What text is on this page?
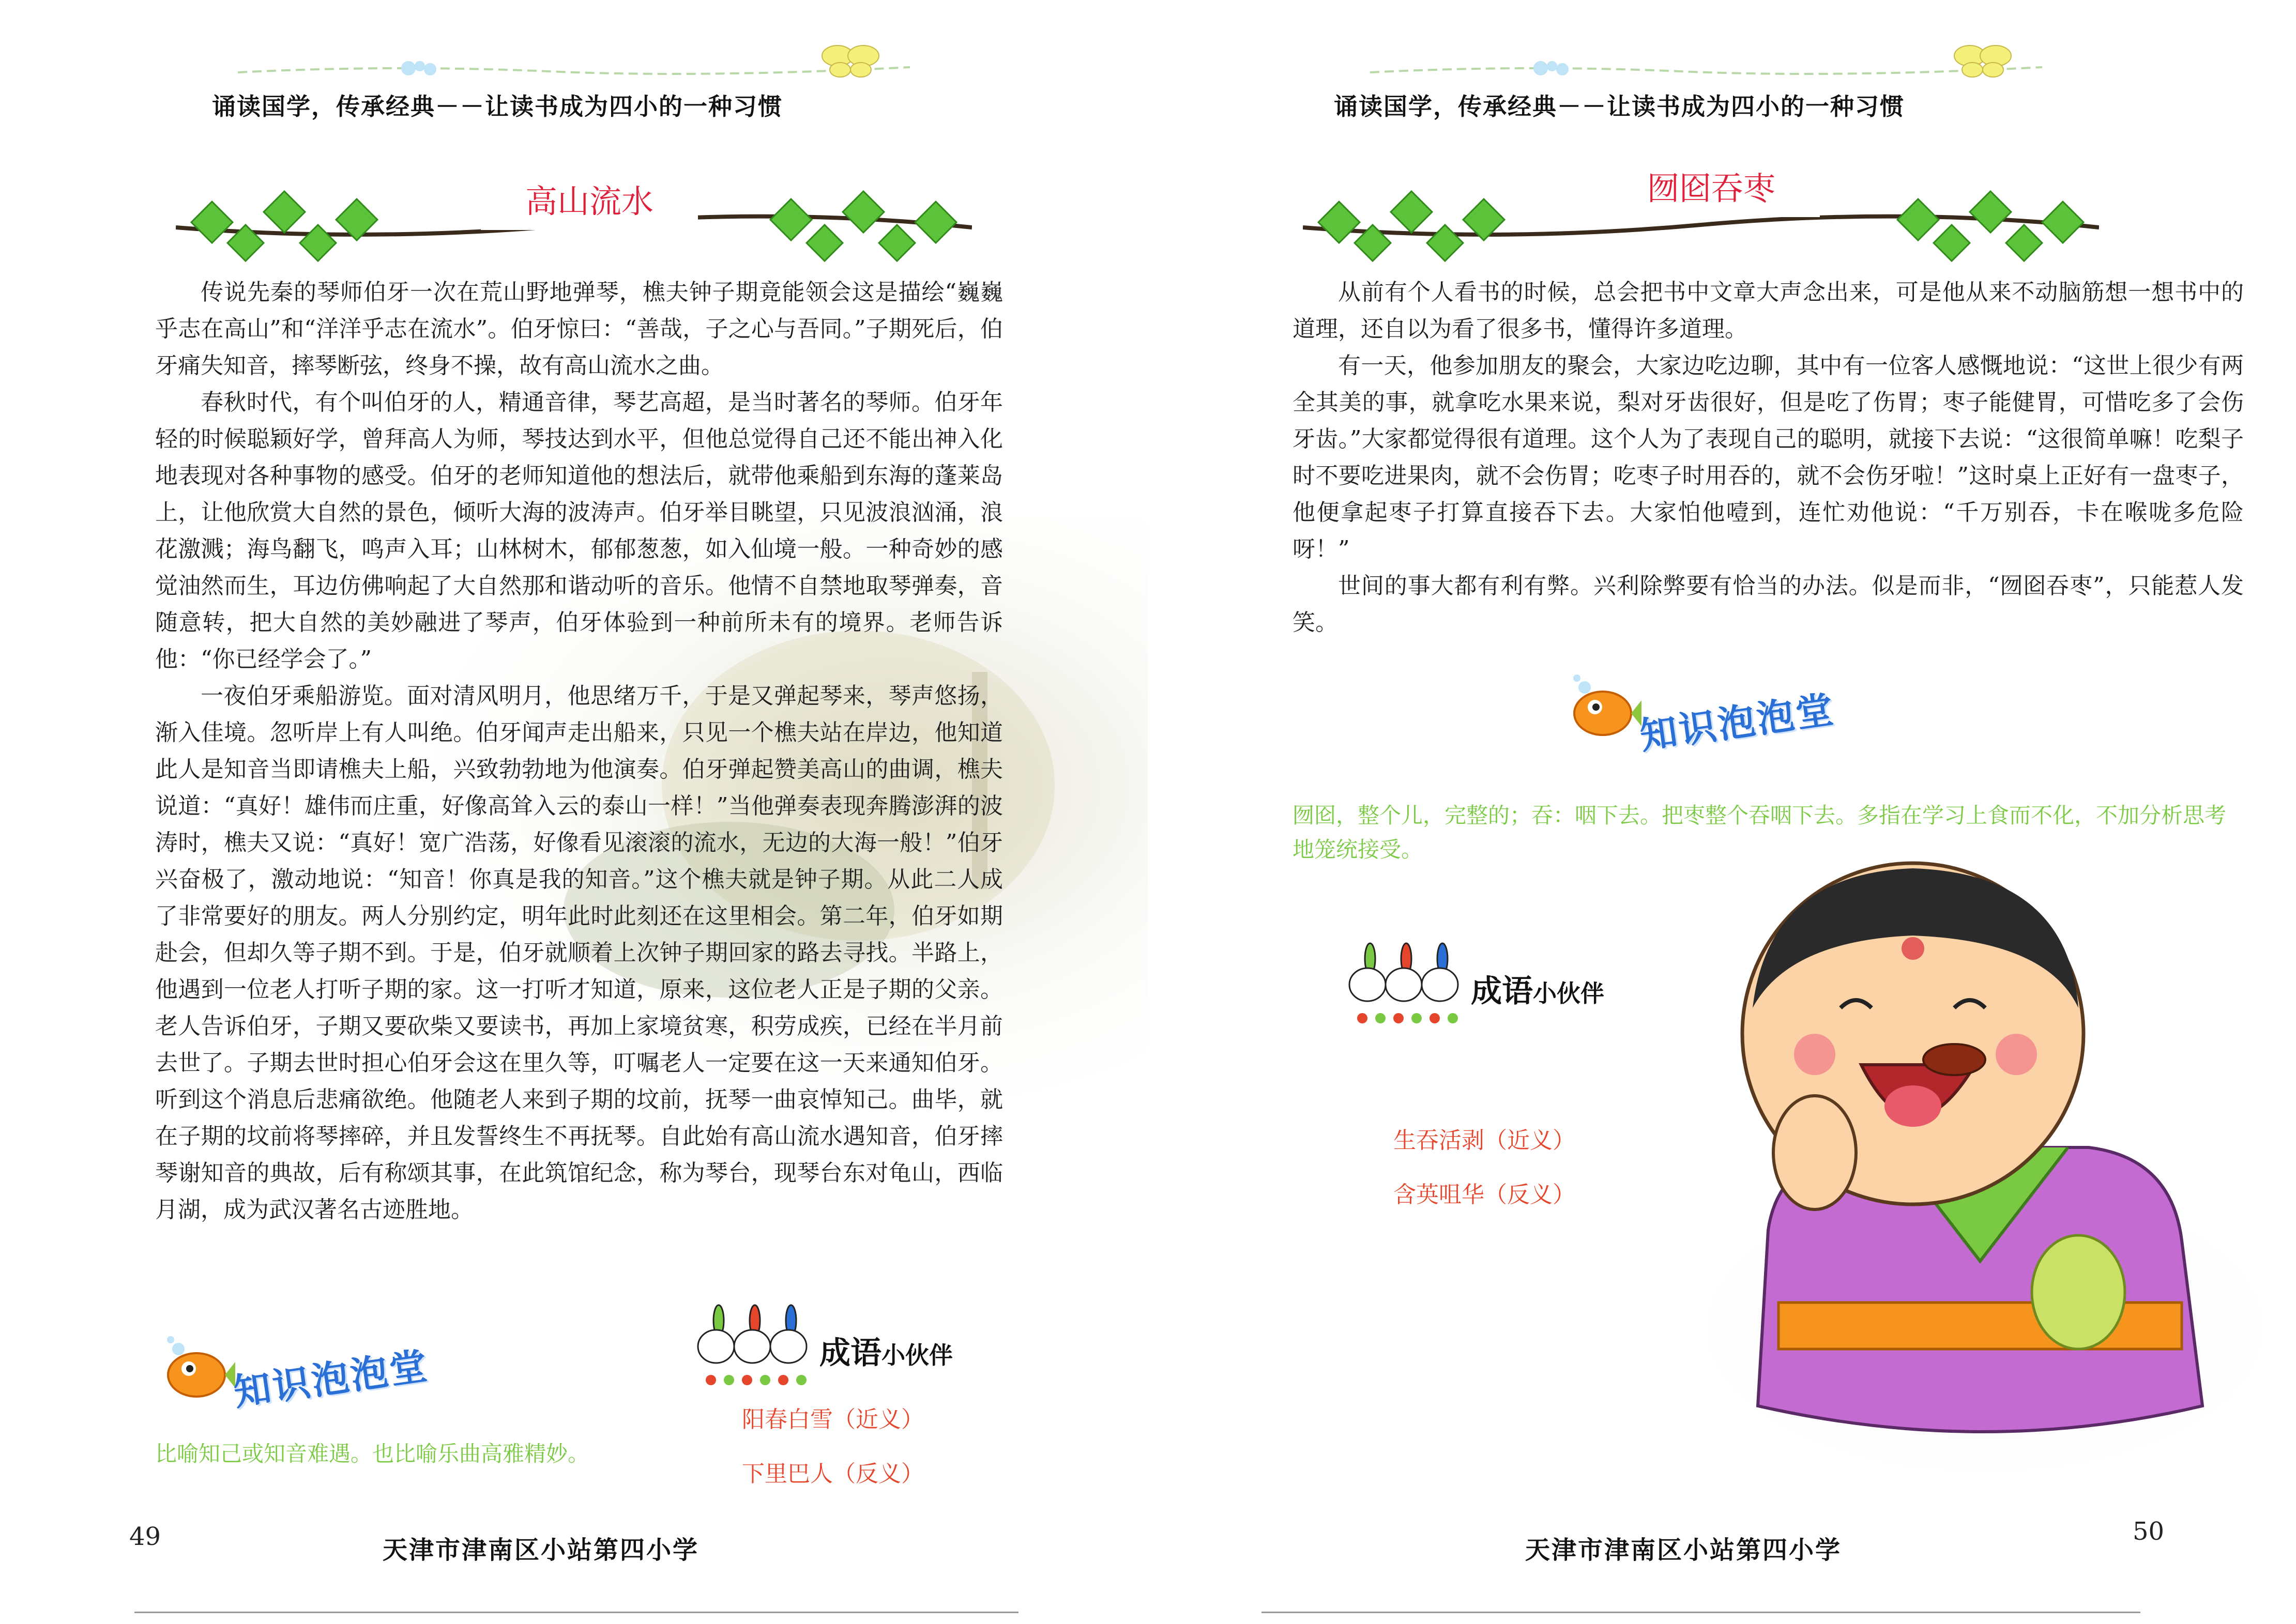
诵读国学，传承经典－－让读书成为四小的一种习惯
高山流水

传说先秦的琴师伯牙一次在荒山野地弹琴，樵夫钟子期竟能领会这是描绘“巍巍乎志在高山”和“洋洋乎志在流水”。伯牙惊曰：“善哉，子之心与吾同。”子期死后，伯牙痛失知音，摔琴断弦，终身不操，故有高山流水之曲。

春秋时代，有个叫伯牙的人，精通音律，琴艺高超，是当时著名的琴师。伯牙年轻的时候聪颖好学，曾拜高人为师，琴技达到水平，但他总觉得自己还不能出神入化地表现对各种事物的感受。伯牙的老师知道他的想法后，就带他乘船到东海的蓬莱岛上，让他欣赏大自然的景色，倾听大海的波涛声。伯牙举目眺望，只见波浪汹涌，浪花激溅；海鸟翻飞，鸣声入耳；山林树木，郁郁葱葱，如入仙境一般。一种奇妙的感觉油然而生，耳边仿佛响起了大自然那和谐动听的音乐。他情不自禁地取琴弹奏，音随意转，把大自然的美妙融进了琴声，伯牙体验到一种前所未有的境界。老师告诉他：“你已经学会了。”

一夜伯牙乘船游览。面对清风明月，他思绪万千，于是又弹起琴来，琴声悠扬，渐入佳境。忽听岸上有人叫绝。伯牙闻声走出船来，只见一个樵夫站在岸边，他知道此人是知音当即请樵夫上船，兴致勃勃地为他演奏。伯牙弹起赞美高山的曲调，樵夫说道：“真好！雄伟而庄重，好像高耸入云的泰山一样！”当他弹奏表现奔腾澎湃的波涛时，樵夫又说：“真好！宽广浩荡，好像看见滚滚的流水，无边的大海一般！”伯牙兴奋极了，激动地说：“知音！你真是我的知音。”这个樵夫就是钟子期。从此二人成了非常要好的朋友。两人分别约定，明年此时此刻还在这里相会。第二年，伯牙如期赴会，但却久等子期不到。于是，伯牙就顺着上次钟子期回家的路去寻找。半路上，他遇到一位老人打听子期的家。这一打听才知道，原来，这位老人正是子期的父亲。老人告诉伯牙，子期又要砍柴又要读书，再加上家境贫寒，积劳成疾，已经在半月前去世了。子期去世时担心伯牙会这在里久等，叮嘱老人一定要在这一天来通知伯牙。听到这个消息后悲痛欲绝。他随老人来到子期的坟前，抚琴一曲哀悼知己。曲毕，就在子期的坟前将琴摔碎，并且发誓终生不再抚琴。自此始有高山流水遇知音，伯牙摔琴谢知音的典故，后有称颂其事，在此筑馆纪念，称为琴台，现琴台东对龟山，西临月湖，成为武汉著名古迹胜地。

知识泡泡堂
比喻知己或知音难遇。也比喻乐曲高雅精妙。
成语小伙伴
阳春白雪（近义）
下里巴人（反义）
49	天津市津南区小站第四小学
诵读国学，传承经典－－让读书成为四小的一种习惯
囫囵吞枣

从前有个人看书的时候，总会把书中文章大声念出来，可是他从来不动脑筋想一想书中的道理，还自以为看了很多书，懂得许多道理。

有一天，他参加朋友的聚会，大家边吃边聊，其中有一位客人感慨地说：“这世上很少有两全其美的事，就拿吃水果来说，梨对牙齿很好，但是吃了伤胃；枣子能健胃，可惜吃多了会伤牙齿。”大家都觉得很有道理。这个人为了表现自己的聪明，就接下去说：“这很简单嘛！吃梨子时不要吃进果肉，就不会伤胃；吃枣子时用吞的，就不会伤牙啦！”这时桌上正好有一盘枣子，他便拿起枣子打算直接吞下去。大家怕他噎到，连忙劝他说：“千万别吞，卡在喉咙多危险呀！”

世间的事大都有利有弊。兴利除弊要有恰当的办法。似是而非，“囫囵吞枣”，只能惹人发笑。

知识泡泡堂
囫囵，整个儿，完整的；吞：咽下去。把枣整个吞咽下去。多指在学习上食而不化，不加分析思考地笼统接受。
成语小伙伴
生吞活剥（近义）
含英咀华（反义）
50
天津市津南区小站第四小学
